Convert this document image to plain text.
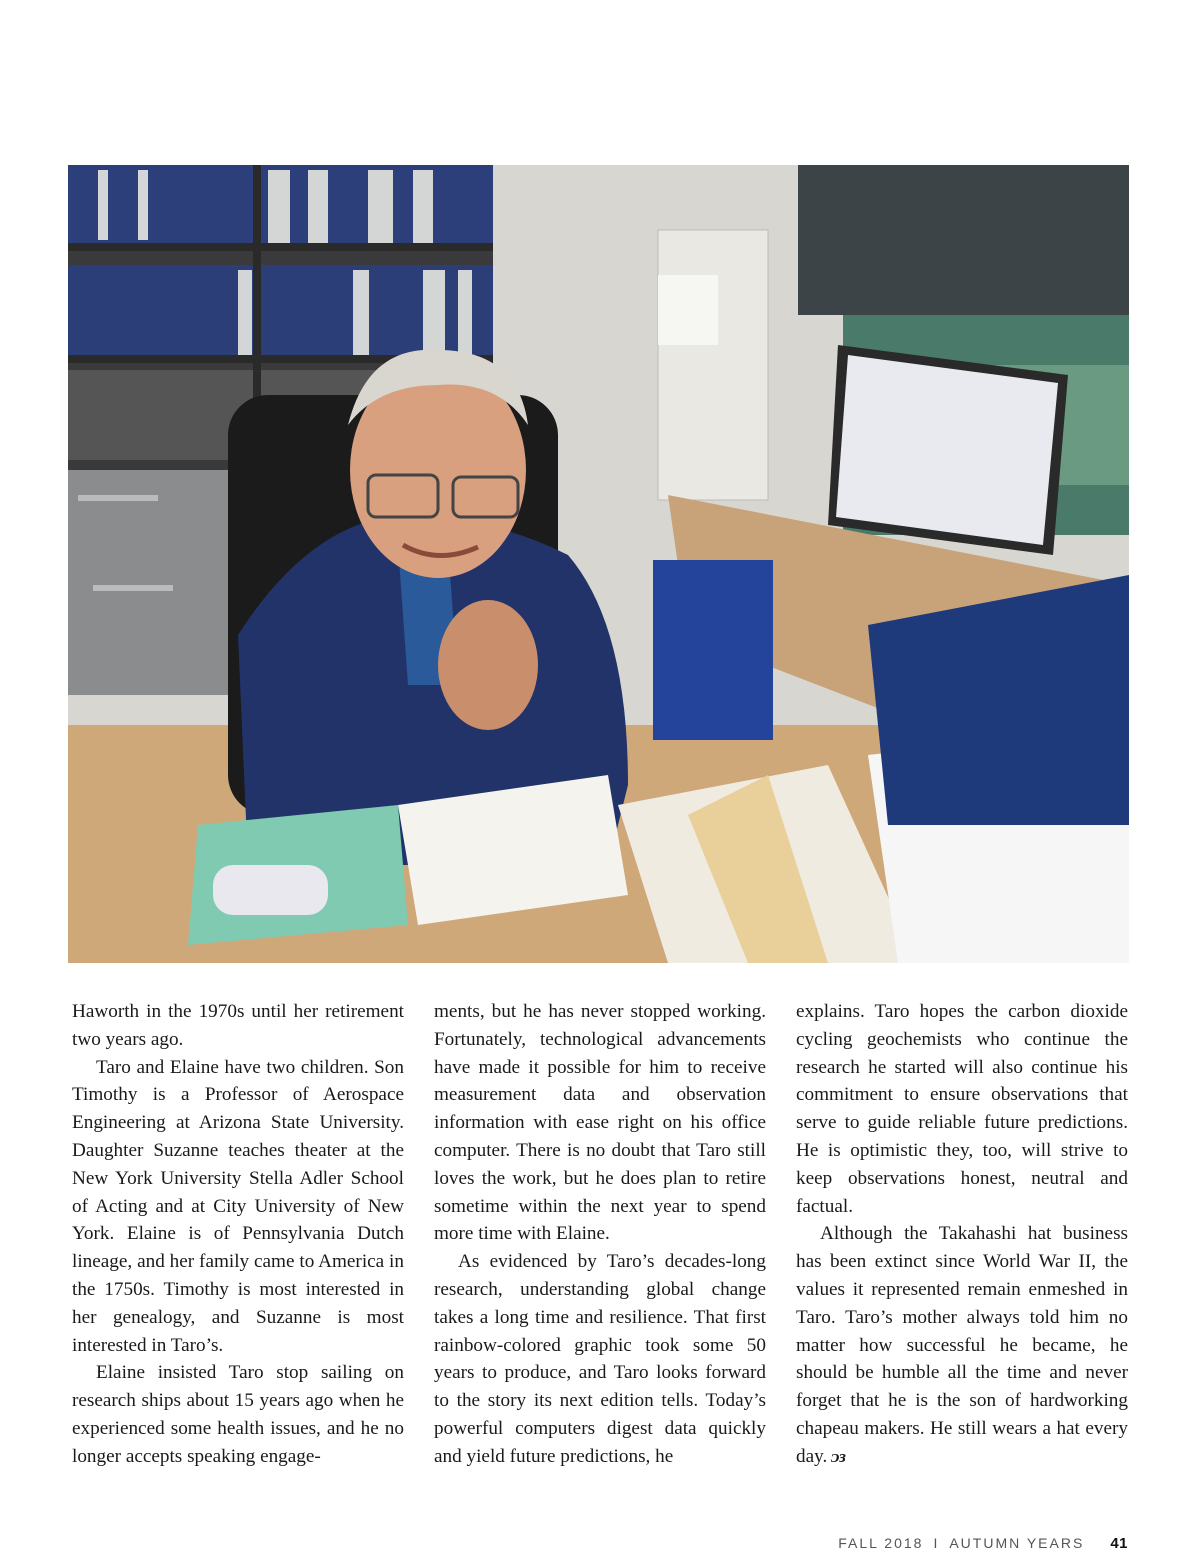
Haworth in the 1970s until her retirement two years ago.

Taro and Elaine have two children. Son Timothy is a Professor of Aerospace Engineering at Arizona State University. Daughter Suzanne teaches theater at the New York University Stella Adler School of Acting and at City University of New York. Elaine is of Pennsylvania Dutch lineage, and her family came to America in the 1750s. Timothy is most interested in her genealogy, and Suzanne is most interested in Taro’s.

Elaine insisted Taro stop sailing on research ships about 15 years ago when he experienced some health issues, and he no longer accepts speaking engage-

ments, but he has never stopped working. Fortunately, technological advancements have made it possible for him to receive measurement data and observation information with ease right on his office computer. There is no doubt that Taro still loves the work, but he does plan to retire sometime within the next year to spend more time with Elaine.

As evidenced by Taro’s decades-long research, understanding global change takes a long time and resilience. That first rainbow-colored graphic took some 50 years to produce, and Taro looks forward to the story its next edition tells. Today’s powerful computers digest data quickly and yield future predictions, he

explains. Taro hopes the carbon dioxide cycling geochemists who continue the research he started will also continue his commitment to ensure observations that serve to guide reliable future predictions. He is optimistic they, too, will strive to keep observations honest, neutral and factual.

Although the Takahashi hat business has been extinct since World War II, the values it represented remain enmeshed in Taro. Taro’s mother always told him no matter how successful he became, he should be humble all the time and never forget that he is the son of hardworking chapeau makers. He still wears a hat every day. ᴐɜ

FALL 2018 I AUTUMN YEARS 41
